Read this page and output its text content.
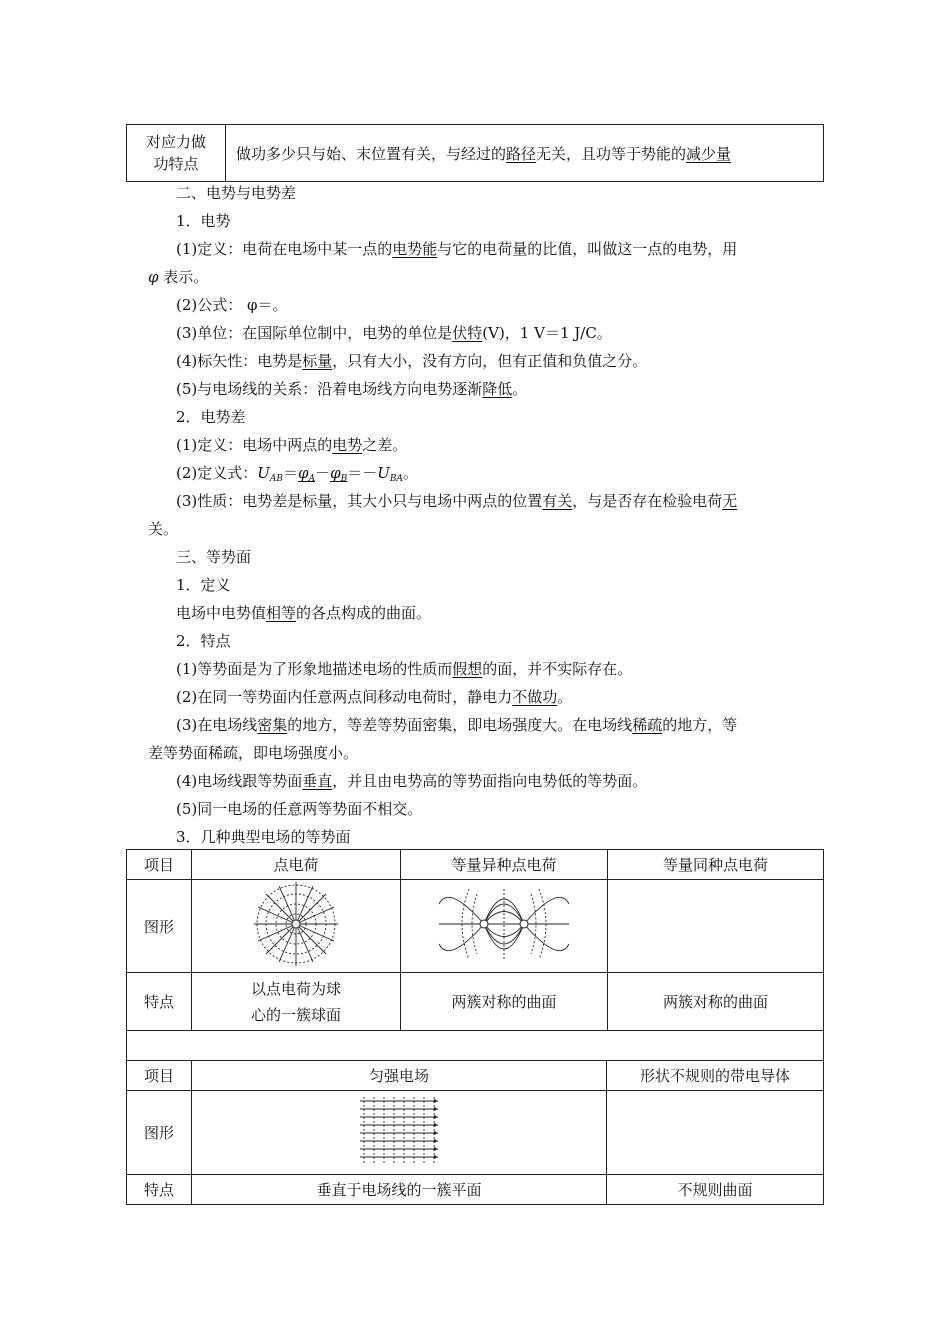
对应力做
功特点
	做功多少只与始、末位置有关，与经过的路径无关，且功等于势能的减少量
二、电势与电势差
1．电势
(1)定义：电荷在电场中某一点的电势能与它的电荷量的比值，叫做这一点的电势，用
φ 表示。
(2)公式： φ＝。
(3)单位：在国际单位制中，电势的单位是伏特(V)，1 V＝1 J/C。
(4)标矢性：电势是标量，只有大小，没有方向，但有正值和负值之分。
(5)与电场线的关系：沿着电场线方向电势逐渐降低。
2．电势差
(1)定义：电场中两点的电势之差。
(2)定义式：$U_{AB}=\varphi_A-\varphi_B=-U_{BA}$。
(3)性质：电势差是标量，其大小只与电场中两点的位置有关，与是否存在检验电荷无
关。
三、等势面
1．定义
电场中电势值相等的各点构成的曲面。
2．特点
(1)等势面是为了形象地描述电场的性质而假想的面，并不实际存在。
(2)在同一等势面内任意两点间移动电荷时，静电力不做功。
(3)在电场线密集的地方，等差等势面密集，即电场强度大。在电场线稀疏的地方，等
差等势面稀疏，即电场强度小。
(4)电场线跟等势面垂直，并且由电势高的等势面指向电势低的等势面。
(5)同一电场的任意两等势面不相交。
3．几种典型电场的等势面
项目	点电荷	等量异种点电荷	等量同种点电荷
图形			
特点	以点电荷为球
心的一簇球面	两簇对称的曲面	两簇对称的曲面

项目	匀强电场	形状不规则的带电导体
图形		
特点	垂直于电场线的一簇平面	不规则曲面
